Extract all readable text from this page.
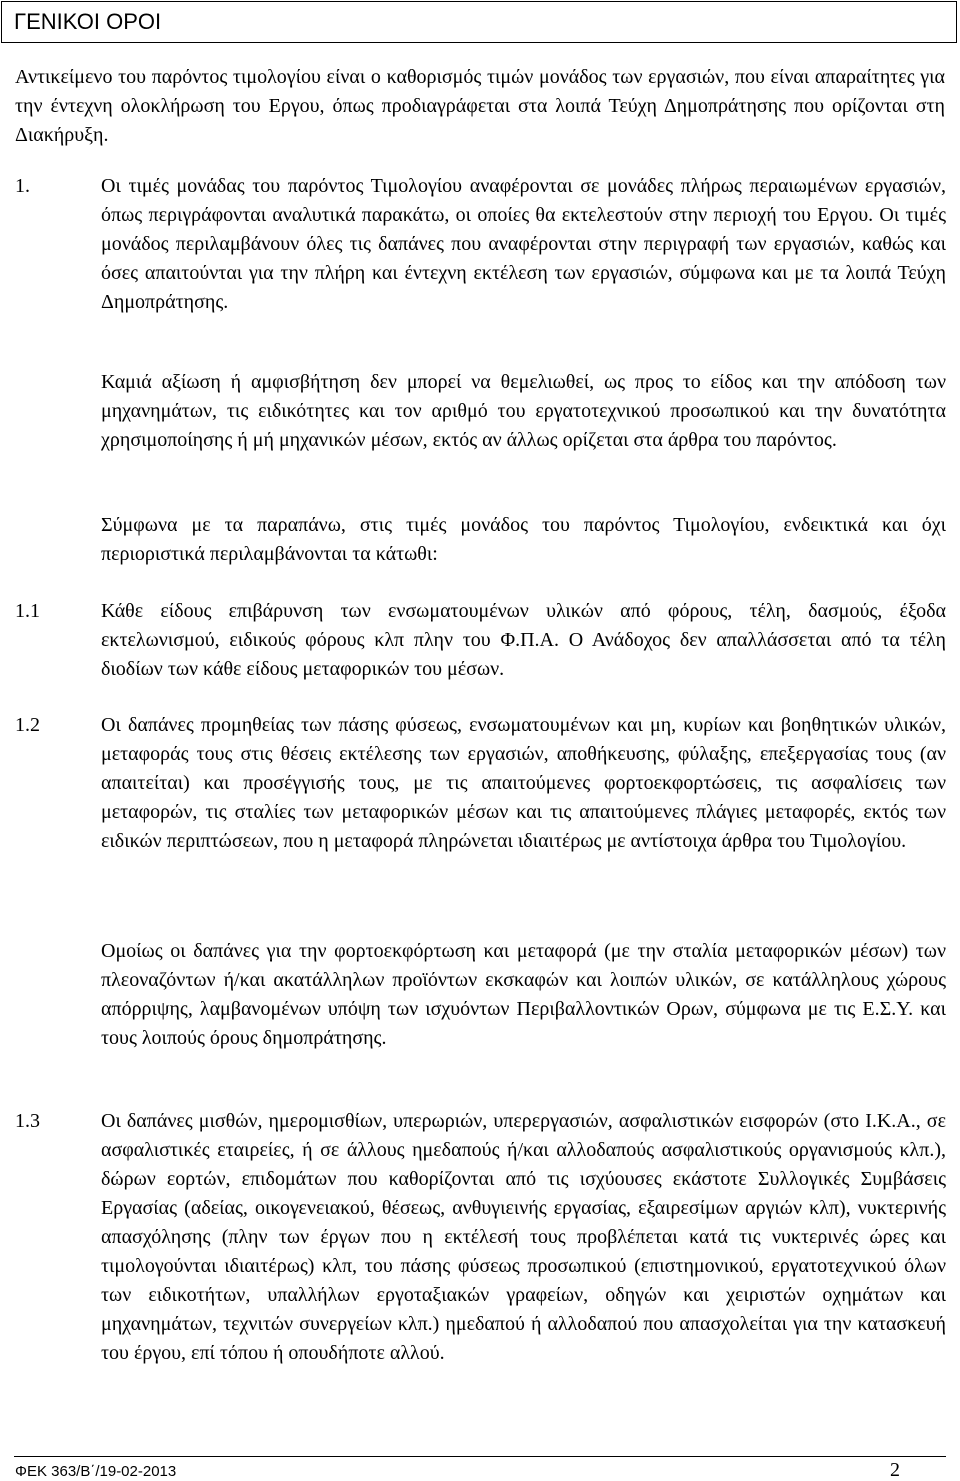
ΓΕΝΙΚΟΙ ΟΡΟΙ

Αντικείμενο του παρόντος τιμολογίου είναι ο καθορισμός τιμών μονάδος των εργασιών, που είναι απαραίτητες για την έντεχνη ολοκλήρωση του Εργου, όπως προδιαγράφεται στα λοιπά Τεύχη Δημοπράτησης που ορίζονται στη Διακήρυξη.

1.	Οι τιμές μονάδας του παρόντος Τιμολογίου αναφέρονται σε μονάδες πλήρως περαιωμένων εργασιών, όπως περιγράφονται αναλυτικά παρακάτω, οι οποίες θα εκτελεστούν στην περιοχή του Εργου. Οι τιμές μονάδος περιλαμβάνουν όλες τις δαπάνες που αναφέρονται στην περιγραφή των εργασιών, καθώς και όσες απαιτούνται για την πλήρη και έντεχνη εκτέλεση των εργασιών, σύμφωνα και με τα λοιπά Τεύχη Δημοπράτησης.

Καμιά αξίωση ή αμφισβήτηση δεν μπορεί να θεμελιωθεί, ως προς το είδος και την απόδοση των μηχανημάτων, τις ειδικότητες και τον αριθμό του εργατοτεχνικού προσωπικού και την δυνατότητα χρησιμοποίησης ή μή μηχανικών μέσων, εκτός αν άλλως ορίζεται στα άρθρα του παρόντος.

Σύμφωνα με τα παραπάνω, στις τιμές μονάδος του παρόντος Τιμολογίου, ενδεικτικά και όχι περιοριστικά περιλαμβάνονται τα κάτωθι:

1.1	Κάθε είδους επιβάρυνση των ενσωματουμένων υλικών από φόρους, τέλη, δασμούς, έξοδα εκτελωνισμού, ειδικούς φόρους κλπ πλην του Φ.Π.Α. Ο Ανάδοχος δεν απαλλάσσεται από τα τέλη διοδίων των κάθε είδους μεταφορικών του μέσων.

1.2	Οι δαπάνες προμηθείας των πάσης φύσεως, ενσωματουμένων και μη, κυρίων και βοηθητικών υλικών, μεταφοράς τους στις θέσεις εκτέλεσης των εργασιών, αποθήκευσης, φύλαξης, επεξεργασίας τους (αν απαιτείται) και προσέγγισής τους, με τις απαιτούμενες φορτοεκφορτώσεις, τις ασφαλίσεις των μεταφορών, τις σταλίες των μεταφορικών μέσων και τις απαιτούμενες πλάγιες μεταφορές, εκτός των ειδικών περιπτώσεων, που η μεταφορά πληρώνεται ιδιαιτέρως με αντίστοιχα άρθρα του Τιμολογίου.

Ομοίως οι δαπάνες για την φορτοεκφόρτωση και μεταφορά (με την σταλία μεταφορικών μέσων) των πλεοναζόντων ή/και ακατάλληλων προϊόντων εκσκαφών και λοιπών υλικών, σε κατάλληλους χώρους απόρριψης, λαμβανομένων υπόψη των ισχυόντων Περιβαλλοντικών Ορων, σύμφωνα με τις Ε.Σ.Υ. και τους λοιπούς όρους δημοπράτησης.

1.3	Οι δαπάνες μισθών, ημερομισθίων, υπερωριών, υπερεργασιών, ασφαλιστικών εισφορών (στο Ι.Κ.Α., σε ασφαλιστικές εταιρείες, ή σε άλλους ημεδαπούς ή/και αλλοδαπούς ασφαλιστικούς οργανισμούς κλπ.), δώρων εορτών, επιδομάτων που καθορίζονται από τις ισχύουσες εκάστοτε Συλλογικές Συμβάσεις Εργασίας (αδείας, οικογενειακού, θέσεως, ανθυγιεινής εργασίας, εξαιρεσίμων αργιών κλπ), νυκτερινής απασχόλησης (πλην των έργων που η εκτέλεσή τους προβλέπεται κατά τις νυκτερινές ώρες και τιμολογούνται ιδιαιτέρως) κλπ, του πάσης φύσεως προσωπικού (επιστημονικού, εργατοτεχνικού όλων των ειδικοτήτων, υπαλλήλων εργοταξιακών γραφείων, οδηγών και χειριστών οχημάτων και μηχανημάτων, τεχνιτών συνεργείων κλπ.) ημεδαπού ή αλλοδαπού που απασχολείται για την κατασκευή του έργου, επί τόπου ή οπουδήποτε αλλού.

ΦΕΚ 363/Β΄/19-02-2013	2
